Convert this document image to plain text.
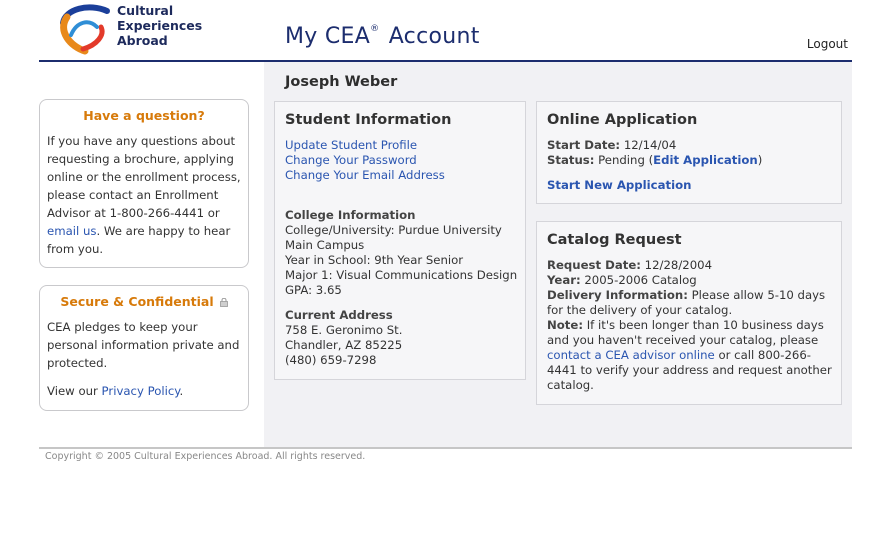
Cultural
Experiences
Abroad	My CEA® Account	Logout
Joseph Weber
Student Information
Update Student Profile
Change Your Password
Change Your Email Address
College Information
College/University: Purdue University
Main Campus
Year in School: 9th Year Senior
Major 1: Visual Communications Design
GPA: 3.65
Current Address
758 E. Geronimo St.
Chandler, AZ 85225
(480) 659-7298
Online Application
Start Date: 12/14/04
Status: Pending (Edit Application)
Start New Application
Catalog Request
Request Date: 12/28/2004
Year: 2005-2006 Catalog
Delivery Information: Please allow 5-10 days
for the delivery of your catalog.
Note: If it's been longer than 10 business days
and you haven't received your catalog, please
contact a CEA advisor online or call 800-266-
4441 to verify your address and request another
catalog.
Have a question?

If you have any questions about requesting a brochure, applying online or the enrollment process, please contact an Enrollment Advisor at 1-800-266-4441 or email us. We are happy to hear from you.

Secure & Confidential

CEA pledges to keep your personal information private and protected.

View our Privacy Policy.

Copyright © 2005 Cultural Experiences Abroad. All rights reserved.
